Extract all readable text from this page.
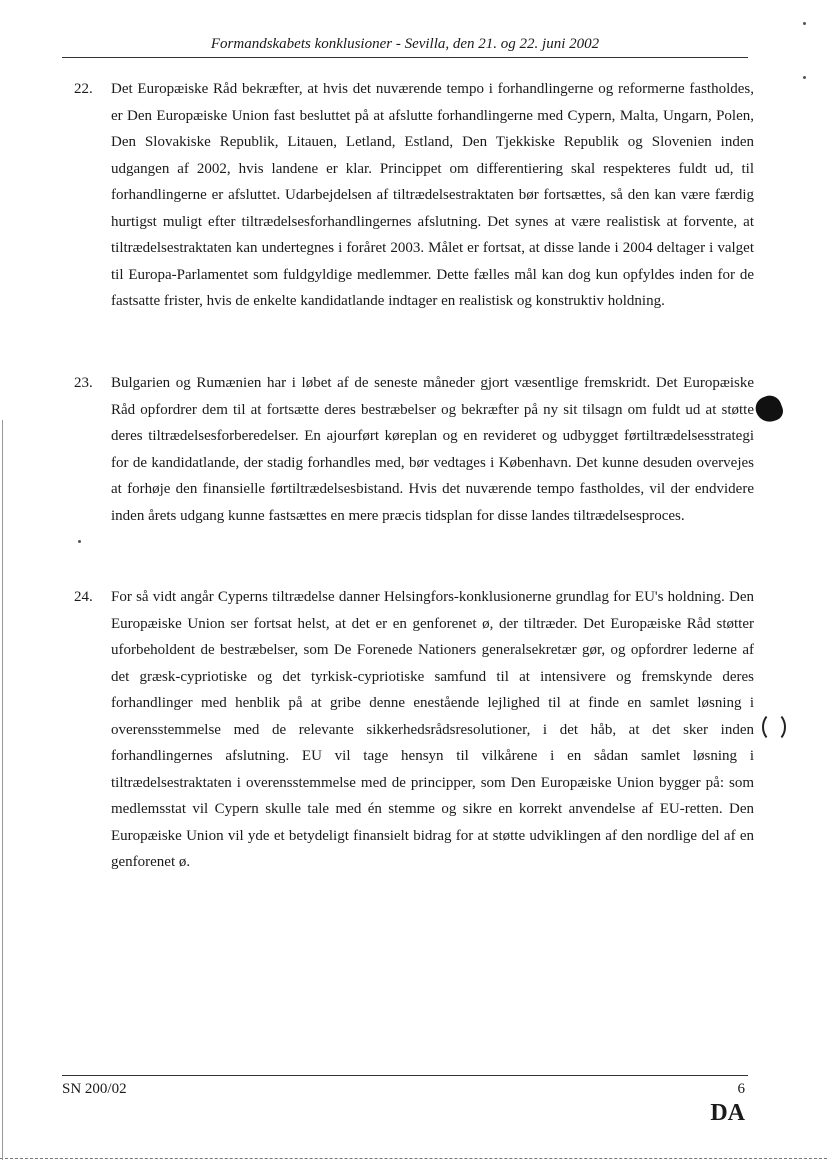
Formandskabets konklusioner - Sevilla, den 21. og 22. juni 2002
22. Det Europæiske Råd bekræfter, at hvis det nuværende tempo i forhandlingerne og reformerne fastholdes, er Den Europæiske Union fast besluttet på at afslutte forhandlingerne med Cypern, Malta, Ungarn, Polen, Den Slovakiske Republik, Litauen, Letland, Estland, Den Tjekkiske Republik og Slovenien inden udgangen af 2002, hvis landene er klar. Princippet om differentiering skal respekteres fuldt ud, til forhandlingerne er afsluttet. Udarbejdelsen af tiltrædelsestraktaten bør fortsættes, så den kan være færdig hurtigst muligt efter tiltrædelsesforhandlingernes afslutning. Det synes at være realistisk at forvente, at tiltrædelsestraktaten kan undertegnes i foråret 2003. Målet er fortsat, at disse lande i 2004 deltager i valget til Europa-Parlamentet som fuldgyldige medlemmer. Dette fælles mål kan dog kun opfyldes inden for de fastsatte frister, hvis de enkelte kandidatlande indtager en realistisk og konstruktiv holdning.
23. Bulgarien og Rumænien har i løbet af de seneste måneder gjort væsentlige fremskridt. Det Europæiske Råd opfordrer dem til at fortsætte deres bestræbelser og bekræfter på ny sit tilsagn om fuldt ud at støtte deres tiltrædelsesforberedelser. En ajourført køreplan og en revideret og udbygget førtiltrædelsesstrategi for de kandidatlande, der stadig forhandles med, bør vedtages i København. Det kunne desuden overvejes at forhøje den finansielle førtiltrædelsesbistand. Hvis det nuværende tempo fastholdes, vil der endvidere inden årets udgang kunne fastsættes en mere præcis tidsplan for disse landes tiltrædelsesproces.
24. For så vidt angår Cyperns tiltrædelse danner Helsingfors-konklusionerne grundlag for EU's holdning. Den Europæiske Union ser fortsat helst, at det er en genforenet ø, der tiltræder. Det Europæiske Råd støtter uforbeholdent de bestræbelser, som De Forenede Nationers generalsekretær gør, og opfordrer lederne af det græsk-cypriotiske og det tyrkisk-cypriotiske samfund til at intensivere og fremskynde deres forhandlinger med henblik på at gribe denne enestående lejlighed til at finde en samlet løsning i overensstemmelse med de relevante sikkerhedsrådsresolutioner, i det håb, at det sker inden forhandlingernes afslutning. EU vil tage hensyn til vilkårene i en sådan samlet løsning i tiltrædelsestraktaten i overensstemmelse med de principper, som Den Europæiske Union bygger på: som medlemsstat vil Cypern skulle tale med én stemme og sikre en korrekt anvendelse af EU-retten. Den Europæiske Union vil yde et betydeligt finansielt bidrag for at støtte udviklingen af den nordlige del af en genforenet ø.
SN 200/02	6
DA
